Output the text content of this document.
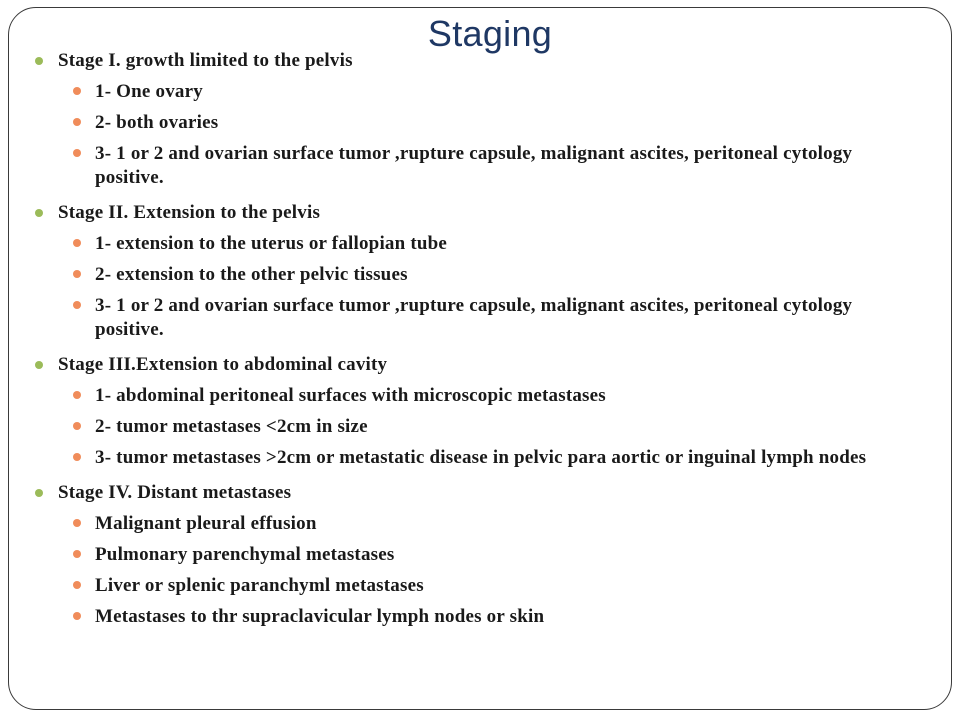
Staging
Stage I. growth limited to the pelvis
1- One ovary
2- both ovaries
3- 1 or 2 and ovarian surface tumor ,rupture capsule, malignant ascites, peritoneal cytology positive.
Stage II. Extension to the pelvis
1- extension to the uterus or fallopian tube
2- extension to the other pelvic tissues
3- 1 or 2 and ovarian surface tumor ,rupture capsule, malignant ascites, peritoneal cytology positive.
Stage III.Extension to abdominal cavity
1- abdominal peritoneal surfaces with microscopic metastases
2- tumor metastases <2cm in size
3- tumor metastases >2cm or metastatic disease in pelvic para aortic or inguinal lymph nodes
Stage IV. Distant metastases
Malignant pleural effusion
Pulmonary parenchymal metastases
Liver or splenic paranchyml metastases
Metastases to thr supraclavicular lymph nodes or skin
